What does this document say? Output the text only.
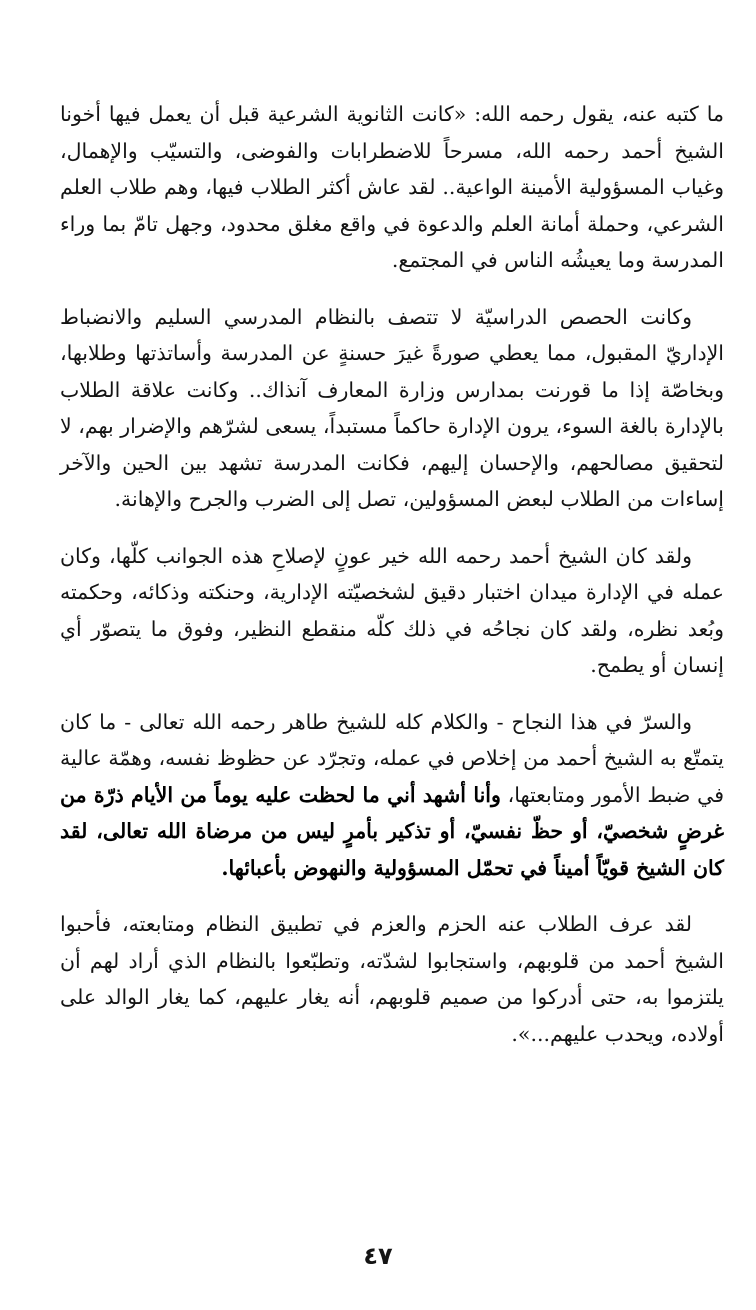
ما كتبه عنه، يقول رحمه الله: «كانت الثانوية الشرعية قبل أن يعمل فيها أخونا الشيخ أحمد رحمه الله، مسرحاً للاضطرابات والفوضى، والتسيّب والإهمال، وغياب المسؤولية الأمينة الواعية.. لقد عاش أكثر الطلاب فيها، وهم طلاب العلم الشرعي، وحملة أمانة العلم والدعوة في واقع مغلق محدود، وجهل تامّ بما وراء المدرسة وما يعيشُه الناس في المجتمع.

وكانت الحصص الدراسيّة لا تتصف بالنظام المدرسي السليم والانضباط الإداريّ المقبول، مما يعطي صورةً غيرَ حسنةٍ عن المدرسة وأساتذتها وطلابها، وبخاصّة إذا ما قورنت بمدارس وزارة المعارف آنذاك.. وكانت علاقة الطلاب بالإدارة بالغة السوء، يرون الإدارة حاكماً مستبداً، يسعى لشرّهم والإضرار بهم، لا لتحقيق مصالحهم، والإحسان إليهم، فكانت المدرسة تشهد بين الحين والآخر إساءات من الطلاب لبعض المسؤولين، تصل إلى الضرب والجرح والإهانة.

ولقد كان الشيخ أحمد رحمه الله خير عونٍ لإصلاحِ هذه الجوانب كلّها، وكان عمله في الإدارة ميدان اختبار دقيق لشخصيّته الإدارية، وحنكته وذكائه، وحكمته وبُعد نظره، ولقد كان نجاحُه في ذلك كلّه منقطع النظير، وفوق ما يتصوّر أي إنسان أو يطمح.

والسرّ في هذا النجاح - والكلام كله للشيخ طاهر رحمه الله تعالى - ما كان يتمتّع به الشيخ أحمد من إخلاص في عمله، وتجرّد عن حظوظ نفسه، وهمّة عالية في ضبط الأمور ومتابعتها، وأنا أشهد أني ما لحظت عليه يوماً من الأيام ذرّة من غرضٍ شخصيّ، أو حظّ نفسيّ، أو تذكير بأمرٍ ليس من مرضاة الله تعالى، لقد كان الشيخ قويّاً أميناً في تحمّل المسؤولية والنهوض بأعبائها.

لقد عرف الطلاب عنه الحزم والعزم في تطبيق النظام ومتابعته، فأحبوا الشيخ أحمد من قلوبهم، واستجابوا لشدّته، وتطبّعوا بالنظام الذي أراد لهم أن يلتزموا به، حتى أدركوا من صميم قلوبهم، أنه يغار عليهم، كما يغار الوالد على أولاده، ويحدب عليهم...».

٤٧
